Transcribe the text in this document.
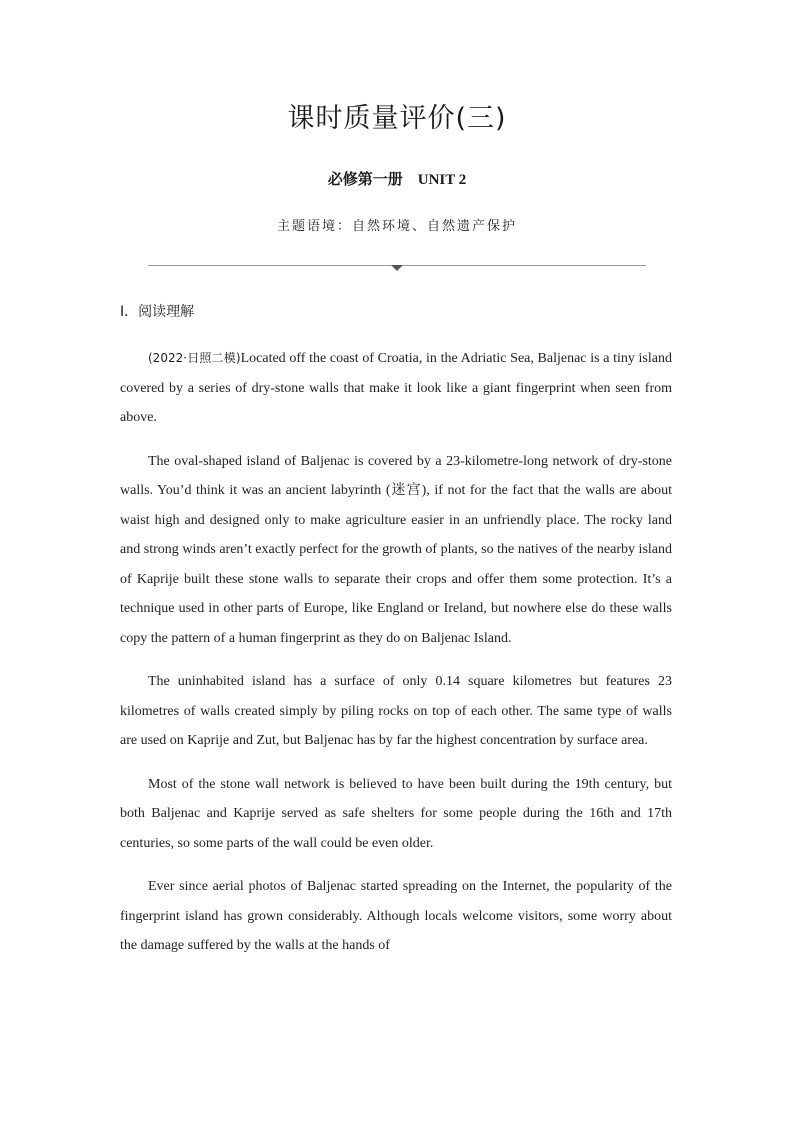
课时质量评价(三)
必修第一册　UNIT 2
主题语境：自然环境、自然遗产保护
Ⅰ．阅读理解

(2022·日照二模)Located off the coast of Croatia, in the Adriatic Sea, Baljenac is a tiny island covered by a series of dry-stone walls that make it look like a giant fingerprint when seen from above.

The oval-shaped island of Baljenac is covered by a 23-kilometre-long network of dry-stone walls. You’d think it was an ancient labyrinth (迷宫), if not for the fact that the walls are about waist high and designed only to make agriculture easier in an unfriendly place. The rocky land and strong winds aren’t exactly perfect for the growth of plants, so the natives of the nearby island of Kaprije built these stone walls to separate their crops and offer them some protection. It’s a technique used in other parts of Europe, like England or Ireland, but nowhere else do these walls copy the pattern of a human fingerprint as they do on Baljenac Island.

The uninhabited island has a surface of only 0.14 square kilometres but features 23 kilometres of walls created simply by piling rocks on top of each other. The same type of walls are used on Kaprije and Zut, but Baljenac has by far the highest concentration by surface area.

Most of the stone wall network is believed to have been built during the 19th century, but both Baljenac and Kaprije served as safe shelters for some people during the 16th and 17th centuries, so some parts of the wall could be even older.

Ever since aerial photos of Baljenac started spreading on the Internet, the popularity of the fingerprint island has grown considerably. Although locals welcome visitors, some worry about the damage suffered by the walls at the hands of
